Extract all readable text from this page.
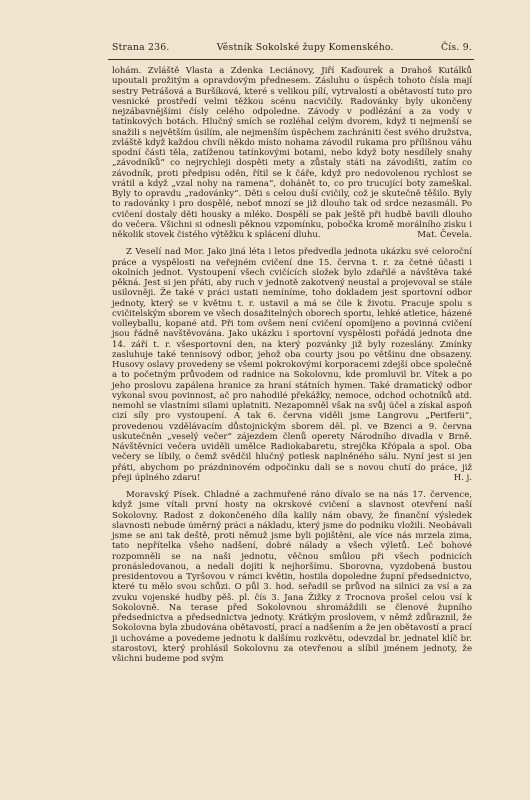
Strana 236.	Věstník Sokolské župy Komenského.	Čís. 9.

lohám. Zvláště Vlasta a Zdenka Leciánovy, Jiří Kaďourek a Drahoš Kutálků upoutali prožitým a opravdovým přednesem. Zásluhu o úspěch tohoto čísla mají sestry Petrášová a Buršíková, které s velikou pílí, vytrvalostí a obětavostí tuto pro vesnické prostředí velmi těžkou scénu nacvičily. Radovánky byly ukončeny nejzábavnějšími čísly celého odpoledne. Závody v podlézání a za vody v tatínkových botách. Hlučný smích se rozléhal celým dvorem, když ti nejmenší se snažili s největším úsilím, ale nejmenším úspěchem zachrániti čest svého družstva, zvláště když každou chvíli někdo místo nohama závodil rukama pro přílišnou váhu spodní části těla, zatíženou tatínkovými botami, nebo když boty nesdílely snahy „závodníků“ co nejrychleji dospěti mety a zůstaly státi na závodišti, zatím co závodník, proti předpisu oděn, řítil se k čáře, když pro nedovolenou rychlost se vrátil a když „vzal nohy na ramena“, dohánět to, co pro trucující boty zameškal. Byly to opravdu „radovánky“. Děti s celou duší cvičily, což je skutečně těšilo. Byly to radovánky i pro dospělé, neboť mnozí se již dlouho tak od srdce nezasmáli. Po cvičení dostaly děti housky a mléko. Dospělí se pak ještě při hudbě bavili dlouho do večera. Všichni si odnesli pěknou vzpomínku, pobočka kromě morálního zisku i několik stovek čistého výtěžku k splácení dluhu.	Mat. Čevela.

Z Veselí nad Mor. Jako jiná léta i letos předvedla jednota ukázku své celoroční práce a vyspělosti na veřejném cvičení dne 15. června t. r. za četné účasti i okolních jednot. Vystoupení všech cvičících složek bylo zdařilé a návštěva také pěkná. Jest si jen přáti, aby ruch v jednotě zakotvený neustal a projevoval se stále usilovněji. Že také v práci ustati nemíníme, toho dokladem jest sportovní odbor jednoty, který se v květnu t. r. ustavil a má se čile k životu. Pracuje spolu s cvičitelským sborem ve všech dosažitelných oborech sportu, lehké atletice, házené volleyballu, kopané atd. Při tom ovšem není cvičení opomíjeno a povinná cvičení jsou řádně navštěvována. Jako ukázku i sportovní vyspělosti pořádá jednota dne 14. září t. r. všesportovní den, na který pozvánky již byly rozeslány. Zmínky zasluhuje také tennisový odbor, jehož oba courty jsou po většinu dne obsazeny. Husovy oslavy provedeny se všemi pokrokovými korporacemi zdejší obce společně a to početným průvodem od radnice na Sokolovnu, kde promluvil br. Vítek a po jeho proslovu zapálena hranice za hraní státních hymen. Také dramatický odbor vykonal svou povinnost, ač pro nahodilé překážky, nemoce, odchod ochotníků atd. nemohl se vlastními silami uplatniti. Nezapomněl však na svůj účel a získal aspoň cizí síly pro vystoupení. A tak 6. června viděli jsme Langrovu „Periferii“, provedenou vzdělávacím důstojnickým sborem děl. pl. ve Bzenci a 9. června uskutečněn „veselý večer“ zájezdem členů operety Národního divadla v Brně. Návštěvníci večera uviděli umělce Radiokabaretu, strejčka Křópala a spol. Oba večery se líbily, o čemž svědčil hlučný potlesk naplněného sálu. Nyní jest si jen přáti, abychom po prázdninovém odpočinku dali se s novou chutí do práce, již přeji úplného zdaru!	H. j.

Moravský Písek. Chladné a zachmuřené ráno dívalo se na nás 17. července, když jsme vítali první hosty na okrskové cvičení a slavnost otevření naší Sokolovny. Radost z dokončeného díla kalily nám obavy, že finanční výsledek slavnosti nebude úměrný práci a nákladu, který jsme do podniku vložili. Neobávali jsme se ani tak deště, proti němuž jsme byli pojištěni, ale více nás mrzela zima, tato nepřítelka všeho nadšení, dobré nálady a všech výletů. Leč bohové rozpomněli se na naši jednotu, věčnou smůlou při všech podnicích pronásledovanou, a nedali dojíti k nejhoršímu. Sborovna, vyzdobená bustou presidentovou a Tyršovou v rámci květin, hostila dopoledne župní předsednictvo, které tu mělo svou schůzi. O půl 3. hod. seřadil se průvod na silnici za vsí a za zvuku vojenské hudby pěš. pl. čís 3. Jana Žižky z Trocnova prošel celou vsí k Sokolovně. Na terase před Sokolovnou shromáždili se členové župního předsednictva a předsednictva jednoty. Krátkým proslovem, v němž zdůraznil, že Sokolovna byla zbudována obětavostí, prací a nadšením a že jen obětavostí a prací ji uchováme a povedeme jednotu k dalšímu rozkvětu, odevzdal br. jednatel klíč br. starostovi, který prohlásil Sokolovnu za otevřenou a slíbil jménem jednoty, že všichni budeme pod svým
